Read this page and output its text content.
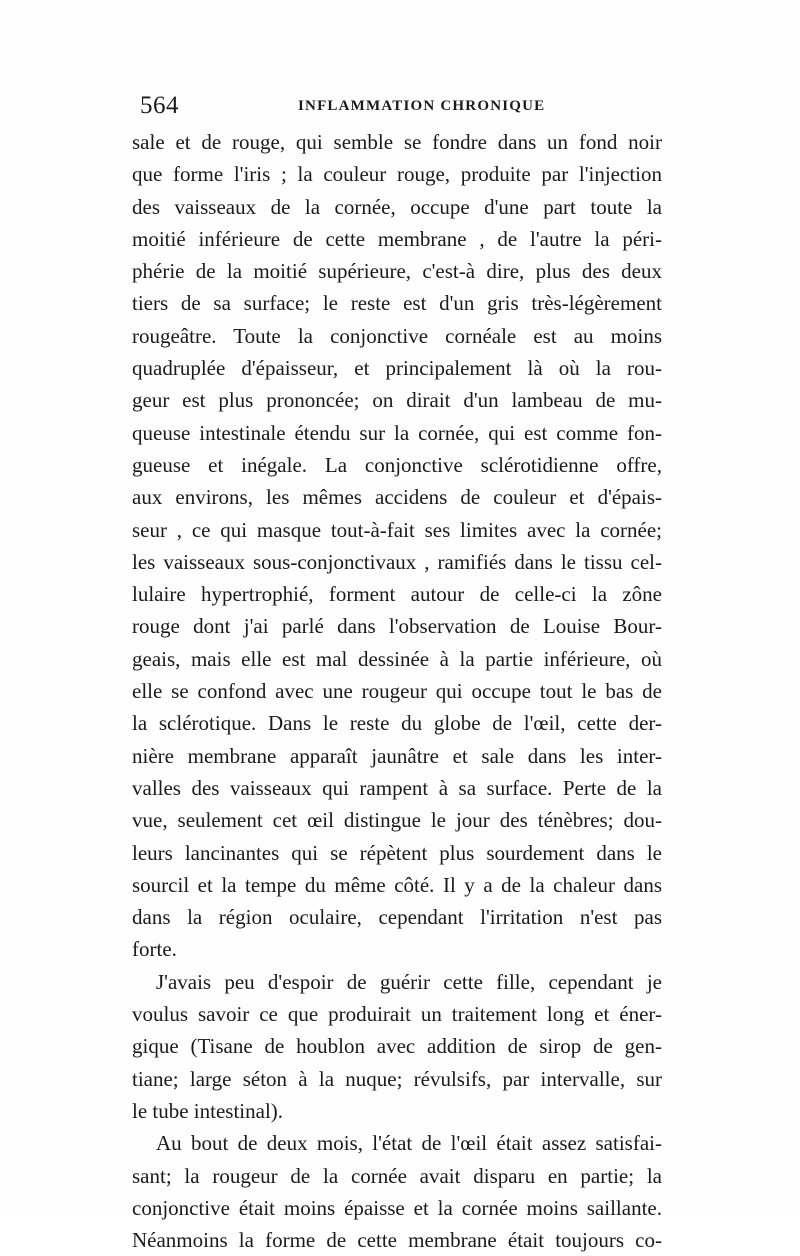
564	INFLAMMATION CHRONIQUE
sale et de rouge, qui semble se fondre dans un fond noir
que forme l'iris ; la couleur rouge, produite par l'injection
des vaisseaux de la cornée, occupe d'une part toute la
moitié inférieure de cette membrane , de l'autre la péri-
phérie de la moitié supérieure, c'est-à dire, plus des deux
tiers de sa surface; le reste est d'un gris très-légèrement
rougeâtre. Toute la conjonctive cornéale est au moins
quadruplée d'épaisseur, et principalement là où la rou-
geur est plus prononcée; on dirait d'un lambeau de mu-
queuse intestinale étendu sur la cornée, qui est comme fon-
gueuse et inégale. La conjonctive sclérotidienne offre,
aux environs, les mêmes accidens de couleur et d'épais-
seur , ce qui masque tout-à-fait ses limites avec la cornée;
les vaisseaux sous-conjonctivaux , ramifiés dans le tissu cel-
lulaire hypertrophié, forment autour de celle-ci la zône
rouge dont j'ai parlé dans l'observation de Louise Bour-
geais, mais elle est mal dessinée à la partie inférieure, où
elle se confond avec une rougeur qui occupe tout le bas de
la sclérotique. Dans le reste du globe de l'œil, cette der-
nière membrane apparaît jaunâtre et sale dans les inter-
valles des vaisseaux qui rampent à sa surface. Perte de la
vue, seulement cet œil distingue le jour des ténèbres; dou-
leurs lancinantes qui se répètent plus sourdement dans le
sourcil et la tempe du même côté. Il y a de la chaleur dans
dans la région oculaire, cependant l'irritation n'est pas
forte.
J'avais peu d'espoir de guérir cette fille, cependant je
voulus savoir ce que produirait un traitement long et éner-
gique (Tisane de houblon avec addition de sirop de gen-
tiane; large séton à la nuque; révulsifs, par intervalle, sur
le tube intestinal).
Au bout de deux mois, l'état de l'œil était assez satisfai-
sant; la rougeur de la cornée avait disparu en partie; la
conjonctive était moins épaisse et la cornée moins saillante.
Néanmoins la forme de cette membrane était toujours co-
